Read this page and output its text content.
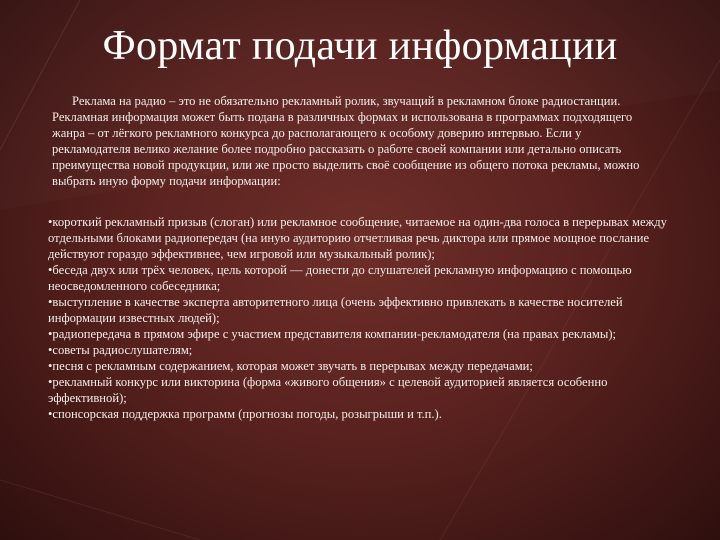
Формат подачи информации

Реклама на радио – это не обязательно рекламный ролик, звучащий в рекламном блоке радиостанции. Рекламная информация может быть подана в различных формах и использована в программах подходящего жанра – от лёгкого рекламного конкурса до располагающего к особому доверию интервью. Если у рекламодателя велико желание более подробно рассказать о работе своей компании или детально описать преимущества новой продукции, или же просто выделить своё сообщение из общего потока рекламы, можно выбрать иную форму подачи информации:

•короткий рекламный призыв (слоган) или рекламное сообщение, читаемое на один-два голоса в перерывах между отдельными блоками радиопередач (на иную аудиторию отчетливая речь диктора или прямое мощное послание действуют гораздо эффективнее, чем игровой или музыкальный ролик);
•беседа двух или трёх человек, цель которой — донести до слушателей рекламную информацию с помощью неосведомленного собеседника;
•выступление в качестве эксперта авторитетного лица (очень эффективно привлекать в качестве носителей информации известных людей);
•радиопередача в прямом эфире с участием представителя компании-рекламодателя (на правах рекламы);
•советы радиослушателям;
•песня с рекламным содержанием, которая может звучать в перерывах между передачами;
•рекламный конкурс или викторина (форма «живого общения» с целевой аудиторией является особенно эффективной);
•спонсорская поддержка программ (прогнозы погоды, розыгрыши и т.п.).
